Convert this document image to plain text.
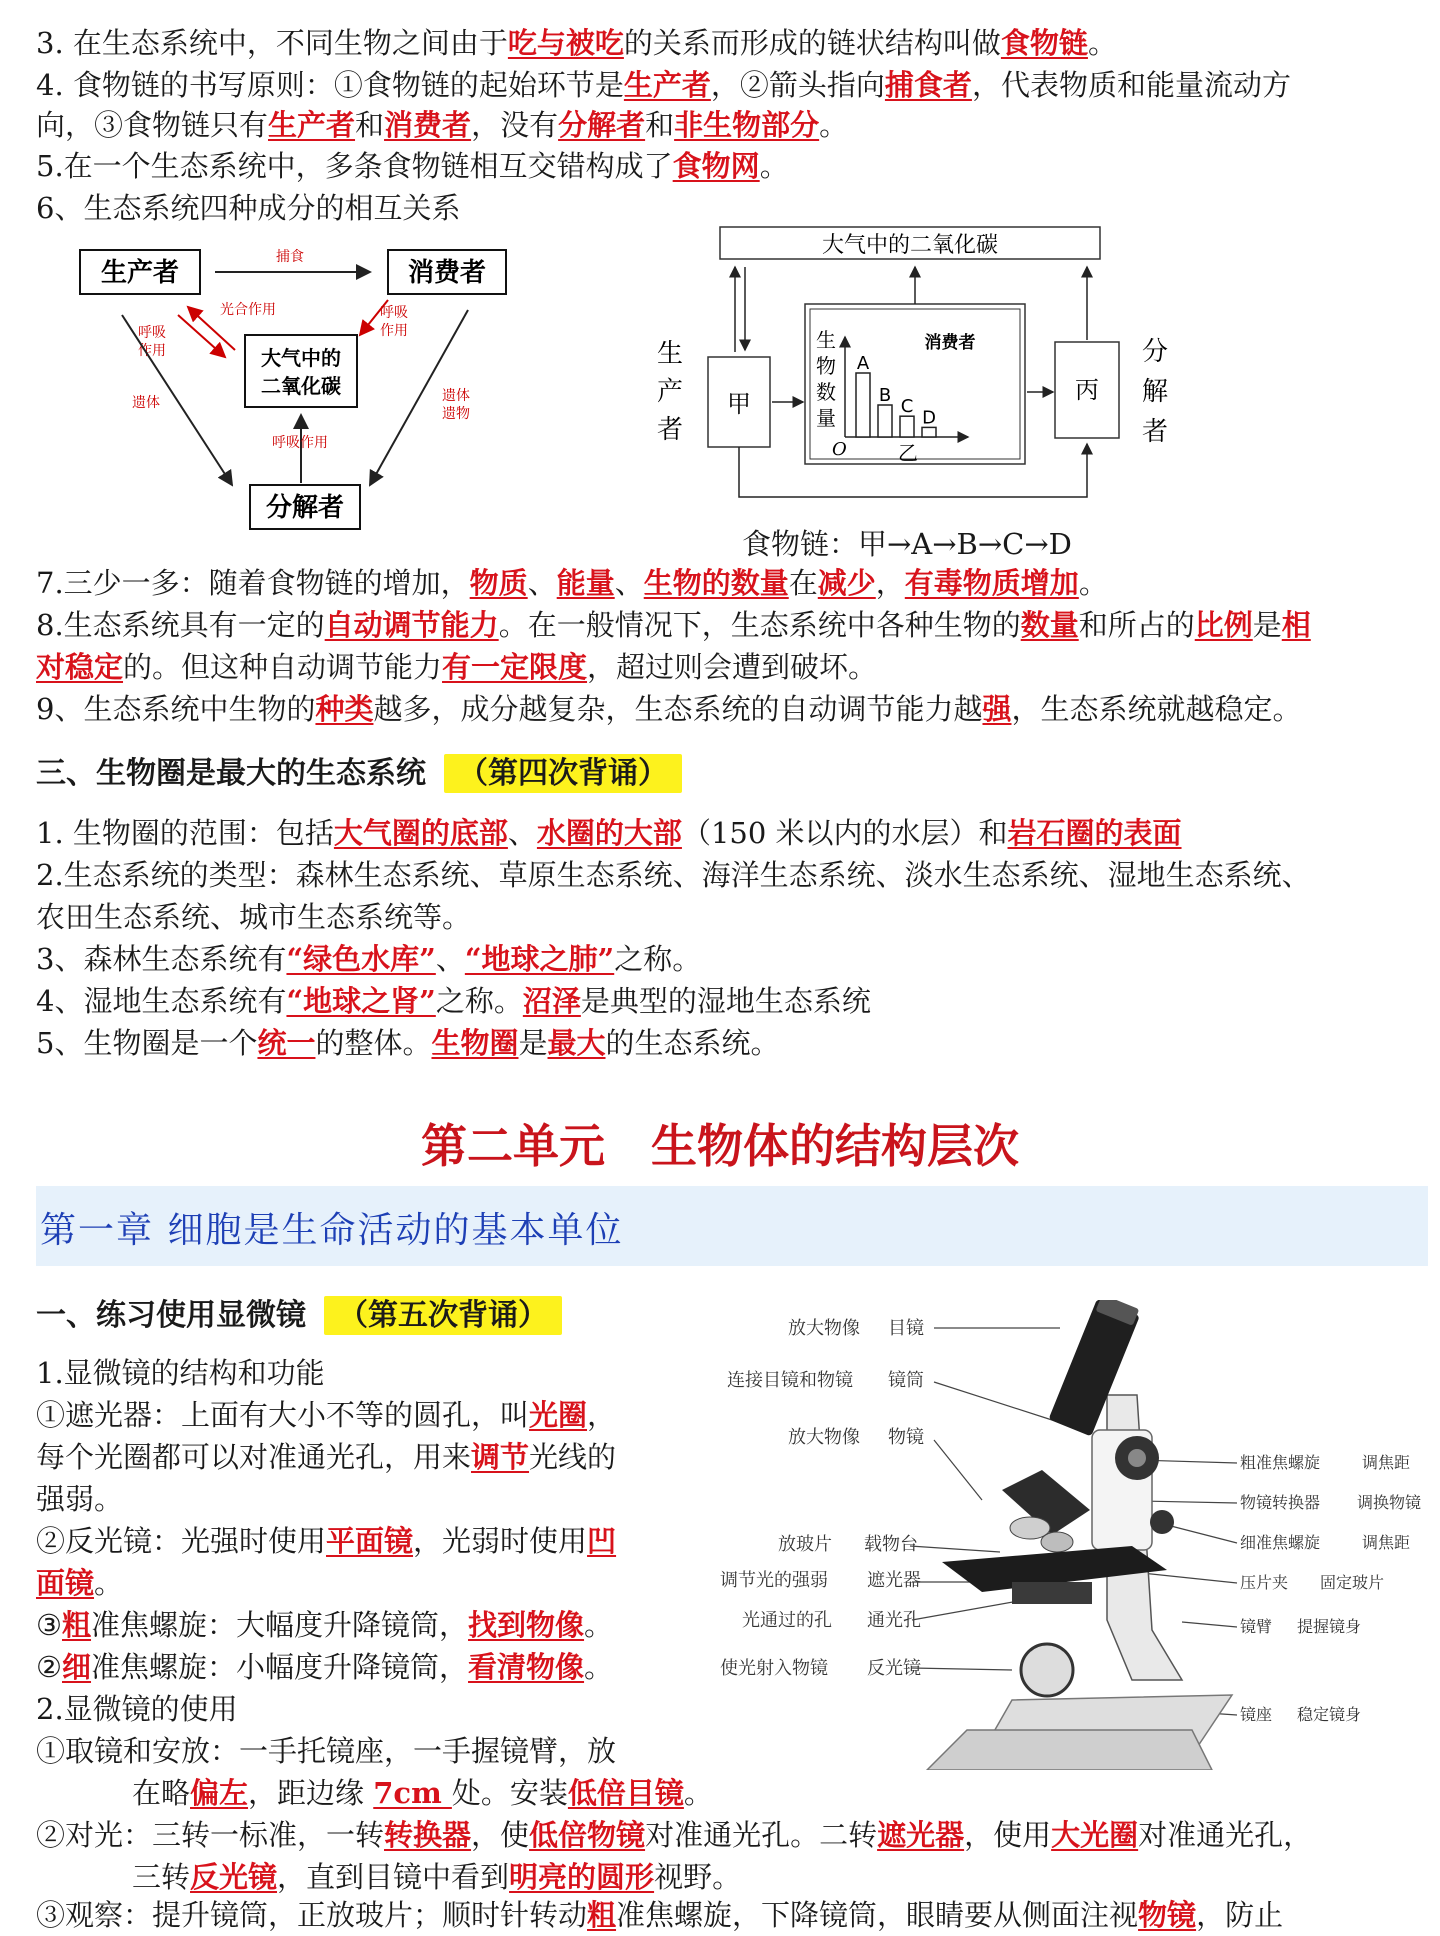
3. 在生态系统中，不同生物之间由于吃与被吃的关系而形成的链状结构叫做食物链。
4. 食物链的书写原则：①食物链的起始环节是生产者，②箭头指向捕食者，代表物质和能量流动方
向，③食物链只有生产者和消费者，没有分解者和非生物部分。
5.在一个生态系统中，多条食物链相互交错构成了食物网。
6、生态系统四种成分的相互关系
生产者	消费者
大气中的
二氧化碳
分解者
捕食
光合作用
呼吸
作用
呼吸
作用
遗体	遗体
遗物
呼吸作用
大气中的二氧化碳
生
产
者
甲
消费者
生
物
数
量
O	乙
A
B
C
D
丙
分
解
者
食物链：甲→A→B→C→D
7.三少一多：随着食物链的增加，物质、能量、生物的数量在减少，有毒物质增加。
8.生态系统具有一定的自动调节能力。在一般情况下，生态系统中各种生物的数量和所占的比例是相
对稳定的。但这种自动调节能力有一定限度，超过则会遭到破坏。
9、生态系统中生物的种类越多，成分越复杂，生态系统的自动调节能力越强，生态系统就越稳定。
三、生物圈是最大的生态系统 （第四次背诵）
1. 生物圈的范围：包括大气圈的底部、水圈的大部（150 米以内的水层）和岩石圈的表面
2.生态系统的类型：森林生态系统、草原生态系统、海洋生态系统、淡水生态系统、湿地生态系统、
农田生态系统、城市生态系统等。
3、森林生态系统有“绿色水库”、“地球之肺”之称。
4、湿地生态系统有“地球之肾”之称。沼泽是典型的湿地生态系统
5、生物圈是一个统一的整体。生物圈是最大的生态系统。
第二单元　生物体的结构层次
第一章 细胞是生命活动的基本单位
一、练习使用显微镜 （第五次背诵）
1.显微镜的结构和功能
①遮光器：上面有大小不等的圆孔，叫光圈，
每个光圈都可以对准通光孔，用来调节光线的
强弱。
②反光镜：光强时使用平面镜，光弱时使用凹
面镜。
③粗准焦螺旋：大幅度升降镜筒，找到物像。
②细准焦螺旋：小幅度升降镜筒，看清物像。
2.显微镜的使用
①取镜和安放：一手托镜座，一手握镜臂，放
在略偏左，距边缘 7cm 处。安装低倍目镜。
②对光：三转一标准，一转转换器，使低倍物镜对准通光孔。二转遮光器，使用大光圈对准通光孔，
三转反光镜，直到目镜中看到明亮的圆形视野。
③观察：提升镜筒，正放玻片；顺时针转动粗准焦螺旋，下降镜筒，眼睛要从侧面注视物镜，防止
放大物像 目镜
连接目镜和物镜 镜筒
放大物像 物镜
放玻片 载物台
调节光的强弱 遮光器
光通过的孔 通光孔
使光射入物镜 反光镜
粗准焦螺旋	调焦距
物镜转换器 调换物镜
细准焦螺旋	调焦距
压片夹 固定玻片
镜臂 提握镜身
镜座 稳定镜身
